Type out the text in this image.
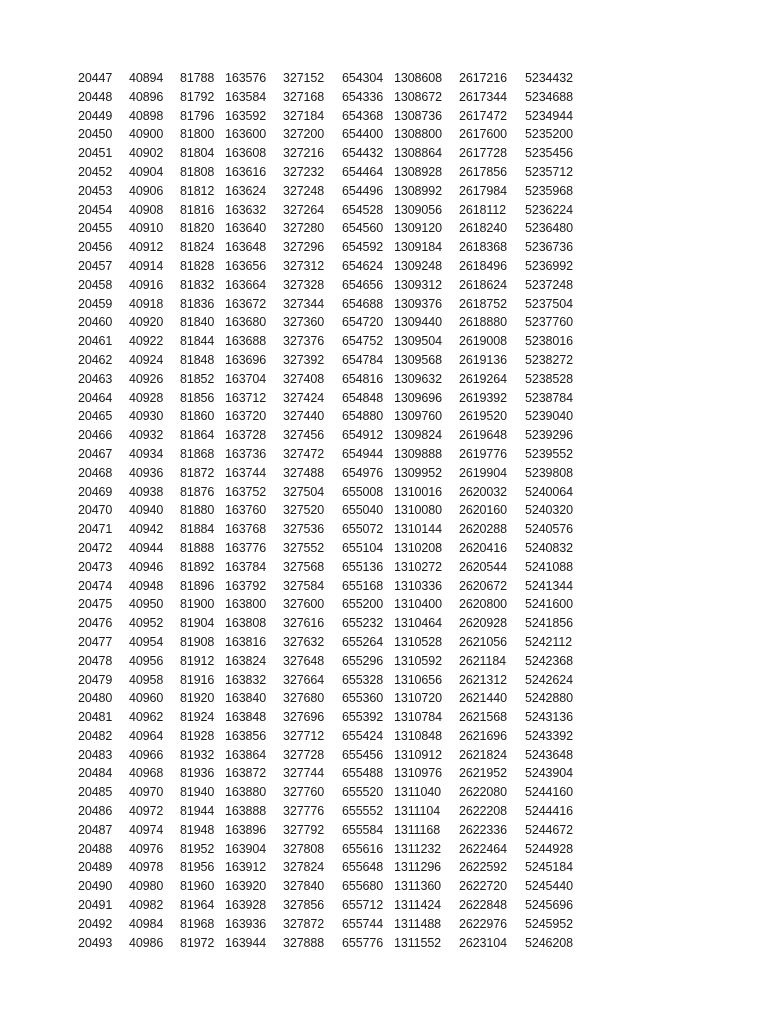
20447 40894 81788 163576 327152 654304 1308608 2617216 5234432
20448 40896 81792 163584 327168 654336 1308672 2617344 5234688
20449 40898 81796 163592 327184 654368 1308736 2617472 5234944
20450 40900 81800 163600 327200 654400 1308800 2617600 5235200
20451 40902 81804 163608 327216 654432 1308864 2617728 5235456
20452 40904 81808 163616 327232 654464 1308928 2617856 5235712
20453 40906 81812 163624 327248 654496 1308992 2617984 5235968
20454 40908 81816 163632 327264 654528 1309056 2618112 5236224
20455 40910 81820 163640 327280 654560 1309120 2618240 5236480
20456 40912 81824 163648 327296 654592 1309184 2618368 5236736
20457 40914 81828 163656 327312 654624 1309248 2618496 5236992
20458 40916 81832 163664 327328 654656 1309312 2618624 5237248
20459 40918 81836 163672 327344 654688 1309376 2618752 5237504
20460 40920 81840 163680 327360 654720 1309440 2618880 5237760
20461 40922 81844 163688 327376 654752 1309504 2619008 5238016
20462 40924 81848 163696 327392 654784 1309568 2619136 5238272
20463 40926 81852 163704 327408 654816 1309632 2619264 5238528
20464 40928 81856 163712 327424 654848 1309696 2619392 5238784
20465 40930 81860 163720 327440 654880 1309760 2619520 5239040
20466 40932 81864 163728 327456 654912 1309824 2619648 5239296
20467 40934 81868 163736 327472 654944 1309888 2619776 5239552
20468 40936 81872 163744 327488 654976 1309952 2619904 5239808
20469 40938 81876 163752 327504 655008 1310016 2620032 5240064
20470 40940 81880 163760 327520 655040 1310080 2620160 5240320
20471 40942 81884 163768 327536 655072 1310144 2620288 5240576
20472 40944 81888 163776 327552 655104 1310208 2620416 5240832
20473 40946 81892 163784 327568 655136 1310272 2620544 5241088
20474 40948 81896 163792 327584 655168 1310336 2620672 5241344
20475 40950 81900 163800 327600 655200 1310400 2620800 5241600
20476 40952 81904 163808 327616 655232 1310464 2620928 5241856
20477 40954 81908 163816 327632 655264 1310528 2621056 5242112
20478 40956 81912 163824 327648 655296 1310592 2621184 5242368
20479 40958 81916 163832 327664 655328 1310656 2621312 5242624
20480 40960 81920 163840 327680 655360 1310720 2621440 5242880
20481 40962 81924 163848 327696 655392 1310784 2621568 5243136
20482 40964 81928 163856 327712 655424 1310848 2621696 5243392
20483 40966 81932 163864 327728 655456 1310912 2621824 5243648
20484 40968 81936 163872 327744 655488 1310976 2621952 5243904
20485 40970 81940 163880 327760 655520 1311040 2622080 5244160
20486 40972 81944 163888 327776 655552 1311104 2622208 5244416
20487 40974 81948 163896 327792 655584 1311168 2622336 5244672
20488 40976 81952 163904 327808 655616 1311232 2622464 5244928
20489 40978 81956 163912 327824 655648 1311296 2622592 5245184
20490 40980 81960 163920 327840 655680 1311360 2622720 5245440
20491 40982 81964 163928 327856 655712 1311424 2622848 5245696
20492 40984 81968 163936 327872 655744 1311488 2622976 5245952
20493 40986 81972 163944 327888 655776 1311552 2623104 5246208
